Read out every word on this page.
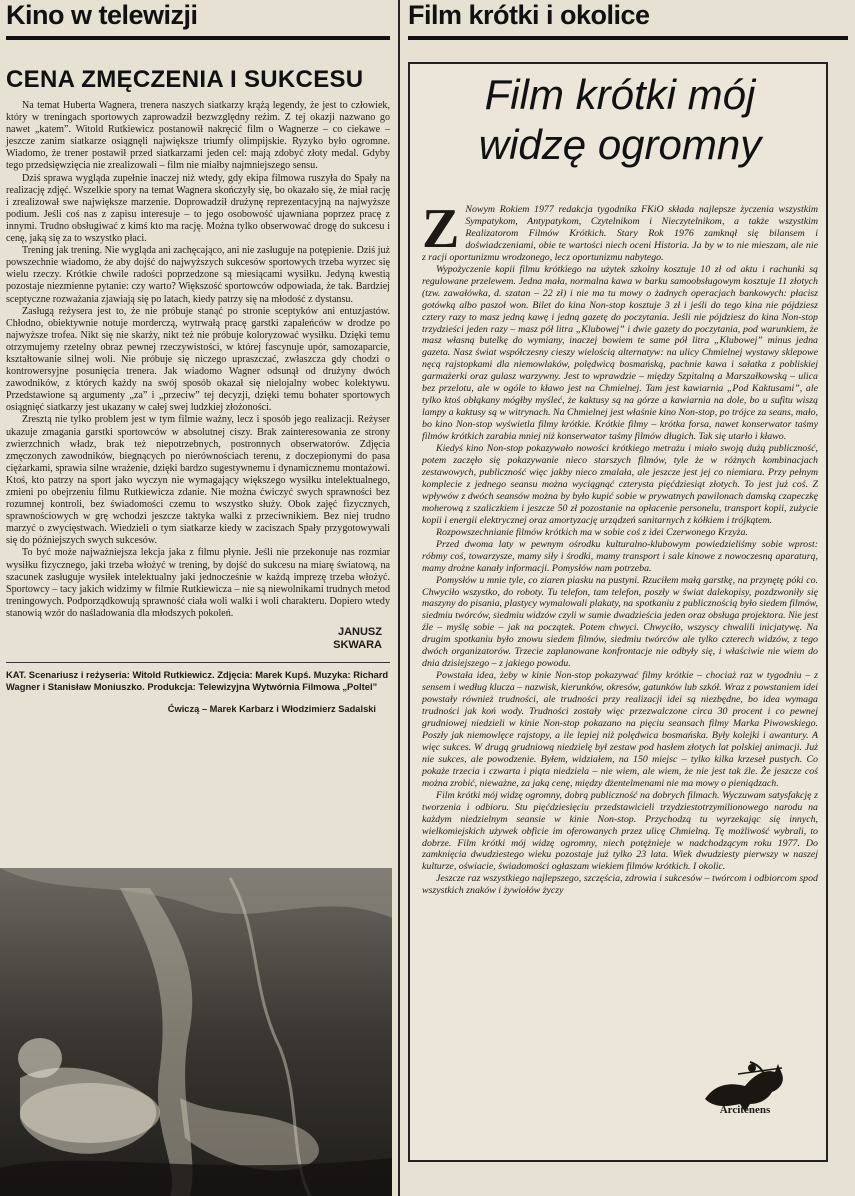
Kino w telewizji	Film krótki i okolice
CENA ZMĘCZENIA I SUKCESU

Na temat Huberta Wagnera, trenera naszych siatkarzy krążą legendy, że jest to człowiek, który w treningach sportowych zaprowadził bezwzględny reżim. Z tej okazji nazwano go nawet „katem”. Witold Rutkiewicz postanowił nakręcić film o Wagnerze – co ciekawe – jeszcze zanim siatkarze osiągnęli największe triumfy olimpijskie. Ryzyko było ogromne. Wiadomo, że trener postawił przed siatkarzami jeden cel: mają zdobyć złoty medal. Gdyby tego przedsięwzięcia nie zrealizowali – film nie miałby najmniejszego sensu.

Dziś sprawa wygląda zupełnie inaczej niż wtedy, gdy ekipa filmowa ruszyła do Spały na realizację zdjęć. Wszelkie spory na temat Wagnera skończyły się, bo okazało się, że miał rację i zrealizował swe największe marzenie. Doprowadził drużynę reprezentacyjną na najwyższe podium. Jeśli coś nas z zapisu interesuje – to jego osobowość ujawniana poprzez pracę z innymi. Trudno obsługiwać z kimś kto ma rację. Można tylko obserwować drogę do sukcesu i cenę, jaką się za to wszystko płaci.

Trening jak trening. Nie wygląda ani zachęcająco, ani nie zasługuje na potępienie. Dziś już powszechnie wiadomo, że aby dojść do najwyższych sukcesów sportowych trzeba wyrzec się wielu rzeczy. Krótkie chwile radości poprzedzone są miesiącami wysiłku. Jedyną kwestią pozostaje niezmienne pytanie: czy warto? Większość sportowców odpowiada, że tak. Bardziej sceptyczne rozważania zjawiają się po latach, kiedy patrzy się na młodość z dystansu.

Zasługą reżysera jest to, że nie próbuje stanąć po stronie sceptyków ani entuzjastów. Chłodno, obiektywnie notuje morderczą, wytrwałą pracę garstki zapaleńców w drodze po najwyższe trofea. Nikt się nie skarży, nikt też nie próbuje koloryzować wysiłku. Dzięki temu otrzymujemy rzetelny obraz pewnej rzeczywistości, w której fascynuje upór, samozaparcie, kształtowanie silnej woli. Nie próbuje się niczego upraszczać, zwłaszcza gdy chodzi o kontrowersyjne posunięcia trenera. Jak wiadomo Wagner odsunął od drużyny dwóch zawodników, z których każdy na swój sposób okazał się nielojalny wobec kolektywu. Przedstawione są argumenty „za” i „przeciw” tej decyzji, dzięki temu bohater sportowych osiągnięć siatkarzy jest ukazany w całej swej ludzkiej złożoności.

Zresztą nie tylko problem jest w tym filmie ważny, lecz i sposób jego realizacji. Reżyser ukazuje zmagania garstki sportowców w absolutnej ciszy. Brak zainteresowania ze strony zwierzchnich władz, brak też niepotrzebnych, postronnych obserwatorów. Zdjęcia zmęczonych zawodników, biegnących po nierównościach terenu, z doczepionymi do pasa ciężarkami, sprawia silne wrażenie, dzięki bardzo sugestywnemu i dynamicznemu montażowi. Ktoś, kto patrzy na sport jako wyczyn nie wymagający większego wysiłku intelektualnego, zmieni po obejrzeniu filmu Rutkiewicza zdanie. Nie można ćwiczyć swych sprawności bez rozumnej kontroli, bez świadomości czemu to wszystko służy. Obok zajęć fizycznych, sprawnościowych w grę wchodzi jeszcze taktyka walki z przeciwnikiem. Bez niej trudno marzyć o zwycięstwach. Wiedzieli o tym siatkarze kiedy w zaciszach Spały przygotowywali się do późniejszych swych sukcesów.

To być może najważniejsza lekcja jaka z filmu płynie. Jeśli nie przekonuje nas rozmiar wysiłku fizycznego, jaki trzeba włożyć w trening, by dojść do sukcesu na miarę światową, na szacunek zasługuje wysiłek intelektualny jaki jednocześnie w każdą imprezę trzeba włożyć. Sportowcy – tacy jakich widzimy w filmie Rutkiewicza – nie są niewolnikami trudnych metod treningowych. Podporządkowują sprawność ciała woli walki i woli charakteru. Dopiero wtedy stanowią wzór do naśladowania dla młodszych pokoleń.

JANUSZ
SKWARA
KAT. Scenariusz i reżyseria: Witold Rutkiewicz. Zdjęcia: Marek Kupś. Muzyka: Richard Wagner i Stanisław Moniuszko. Produkcja: Telewizyjna Wytwórnia Filmowa „Poltel”
Ćwiczą – Marek Karbarz i Włodzimierz Sadalski
Film krótki mój
widzę ogromny

Z Nowym Rokiem 1977 redakcja tygodnika FKiO składa najlepsze życzenia wszystkim Sympatykom, Antypatykom, Czytelnikom i Nieczytelnikom, a także wszystkim Realizatorom Filmów Krótkich. Stary Rok 1976 zamknął się bilansem i doświadczeniami, obie te wartości niech oceni Historia. Ja by w to nie mieszam, ale nie z racji oportunizmu wrodzonego, lecz oportunizmu nabytego.

Wypożyczenie kopii filmu krótkiego na użytek szkolny kosztuje 10 zł od aktu i rachunki są regulowane przelewem. Jedna mała, normalna kawa w barku samoobsługowym kosztuje 11 złotych (tzw. zawałówka, d. szatan – 22 zł) i nie ma tu mowy o żadnych operacjach bankowych: płacisz gotówką albo paszoł won. Bilet do kina Non-stop kosztuje 3 zł i jeśli do tego kina nie pójdziesz cztery razy to masz jedną kawę i jedną gazetę do poczytania. Jeśli nie pójdziesz do kina Non-stop trzydzieści jeden razy – masz pół litra „Klubowej” i dwie gazety do poczytania, pod warunkiem, że masz własną butelkę do wymiany, inaczej bowiem te same pół litra „Klubowej” minus jedna gazeta. Nasz świat współczesny cieszy wielością alternatyw: na ulicy Chmielnej wystawy sklepowe nęcą rajstopkami dla niemowlaków, polędwicą bosmańską, pachnie kawa i sałatka z pobliskiej garmażerki oraz gulasz warzywny. Jest to wprawdzie – między Szpitalną a Marszałkowską – ulica bez przelotu, ale w ogóle to kławo jest na Chmielnej. Tam jest kawiarnia „Pod Kaktusami”, ale tylko ktoś obłąkany mógłby myśleć, że kaktusy są na górze a kawiarnia na dole, bo u sufitu wiszą lampy a kaktusy są w witrynach. Na Chmielnej jest właśnie kino Non-stop, po trójce za seans, mało, bo kino Non-stop wyświetla filmy krótkie. Krótkie filmy – krótka forsa, nawet konserwator taśmy filmów krótkich zarabia mniej niż konserwator taśmy filmów długich. Tak się utarło i kławo.

Kiedyś kino Non-stop pokazywało nowości krótkiego metrażu i miało swoją dużą publiczność, potem zaczęło się pokazywanie nieco starszych filmów, tyle że w różnych kombinacjach zestawowych, publiczność więc jakby nieco zmalała, ale jeszcze jest jej co niemiara. Przy pełnym komplecie z jednego seansu można wyciągnąć czterysta pięćdziesiąt złotych. To jest już coś. Z wpływów z dwóch seansów można by było kupić sobie w prywatnych pawilonach damską czapeczkę moherową z szaliczkiem i jeszcze 50 zł pozostanie na opłacenie personelu, transport kopii, zużycie kopii i energii elektrycznej oraz amortyzację urządzeń sanitarnych z kółkiem i trójkątem.

Rozpowszechnianie filmów krótkich ma w sobie coś z idei Czerwonego Krzyża.

Przed dwoma laty w pewnym ośrodku kulturalno-klubowym powiedzieliśmy sobie wprost: róbmy coś, towarzysze, mamy siły i środki, mamy transport i sale kinowe z nowoczesną aparaturą, mamy drożne kanały informacji. Pomysłów nam potrzeba.

Pomysłów u mnie tyle, co ziaren piasku na pustyni. Rzuciłem małą garstkę, na przynętę póki co. Chwyciło wszystko, do roboty. Tu telefon, tam telefon, poszły w świat dalekopisy, pozdzwoniły się maszyny do pisania, plastycy wymalowali plakaty, na spotkaniu z publicznością było siedem filmów, siedmiu twórców, siedmiu widzów czyli w sumie dwadzieścia jeden oraz obsługa projektora. Nie jest źle – myślę sobie – jak na początek. Potem chwyci. Chwyciło, wszyscy chwalili inicjatywę. Na drugim spotkaniu było znowu siedem filmów, siedmiu twórców ale tylko czterech widzów, z tego dwóch organizatorów. Trzecie zaplanowane konfrontacje nie odbyły się, i właściwie nie wiem do dnia dzisiejszego – z jakiego powodu.

Powstała idea, żeby w kinie Non-stop pokazywać filmy krótkie – chociaż raz w tygodniu – z sensem i według klucza – nazwisk, kierunków, okresów, gatunków lub szkół. Wraz z powstaniem idei powstały również trudności, ale trudności przy realizacji idei są niezbędne, bo idea wymaga trudności jak koń wody. Trudności zostały więc przezwalczone circa 30 procent i co pewnej grudniowej niedzieli w kinie Non-stop pokazano na pięciu seansach filmy Marka Piwowskiego. Poszły jak niemowlęce rajstopy, a ile lepiej niż polędwica bosmańska. Były kolejki i awantury. A więc sukces. W drugą grudniową niedzielę był zestaw pod hasłem złotych lat polskiej animacji. Już nie sukces, ale powodzenie. Byłem, widziałem, na 150 miejsc – tylko kilka krzeseł pustych. Co pokaże trzecia i czwarta i piąta niedziela – nie wiem, ale wiem, że nie jest tak źle. Że jeszcze coś można zrobić, nieważne, za jaką cenę, między dżentelmenami nie ma mowy o pieniądzach.

Film krótki mój widzę ogromny, dobrą publiczność na dobrych filmach. Wyczuwam satysfakcję z tworzenia i odbioru. Stu pięćdziesięciu przedstawicieli trzydziestotrzymilionowego narodu na każdym niedzielnym seansie w kinie Non-stop. Przychodzą tu wyrzekając się innych, wielkomiejskich używek obficie im oferowanych przez ulicę Chmielną. Tę możliwość wybrali, to dobrze. Film krótki mój widzę ogromny, niech potężnieje w nadchodzącym roku 1977. Do zamknięcia dwudziestego wieku pozostaje już tylko 23 lata. Wiek dwudziesty pierwszy w naszej kulturze, oświacie, świadomości ogłaszam wiekiem filmów krótkich. I okolic.

Jeszcze raz wszystkiego najlepszego, szczęścia, zdrowia i sukcesów – twórcom i odbiorcom spod wszystkich znaków i żywiołów życzy

Arcitenens
